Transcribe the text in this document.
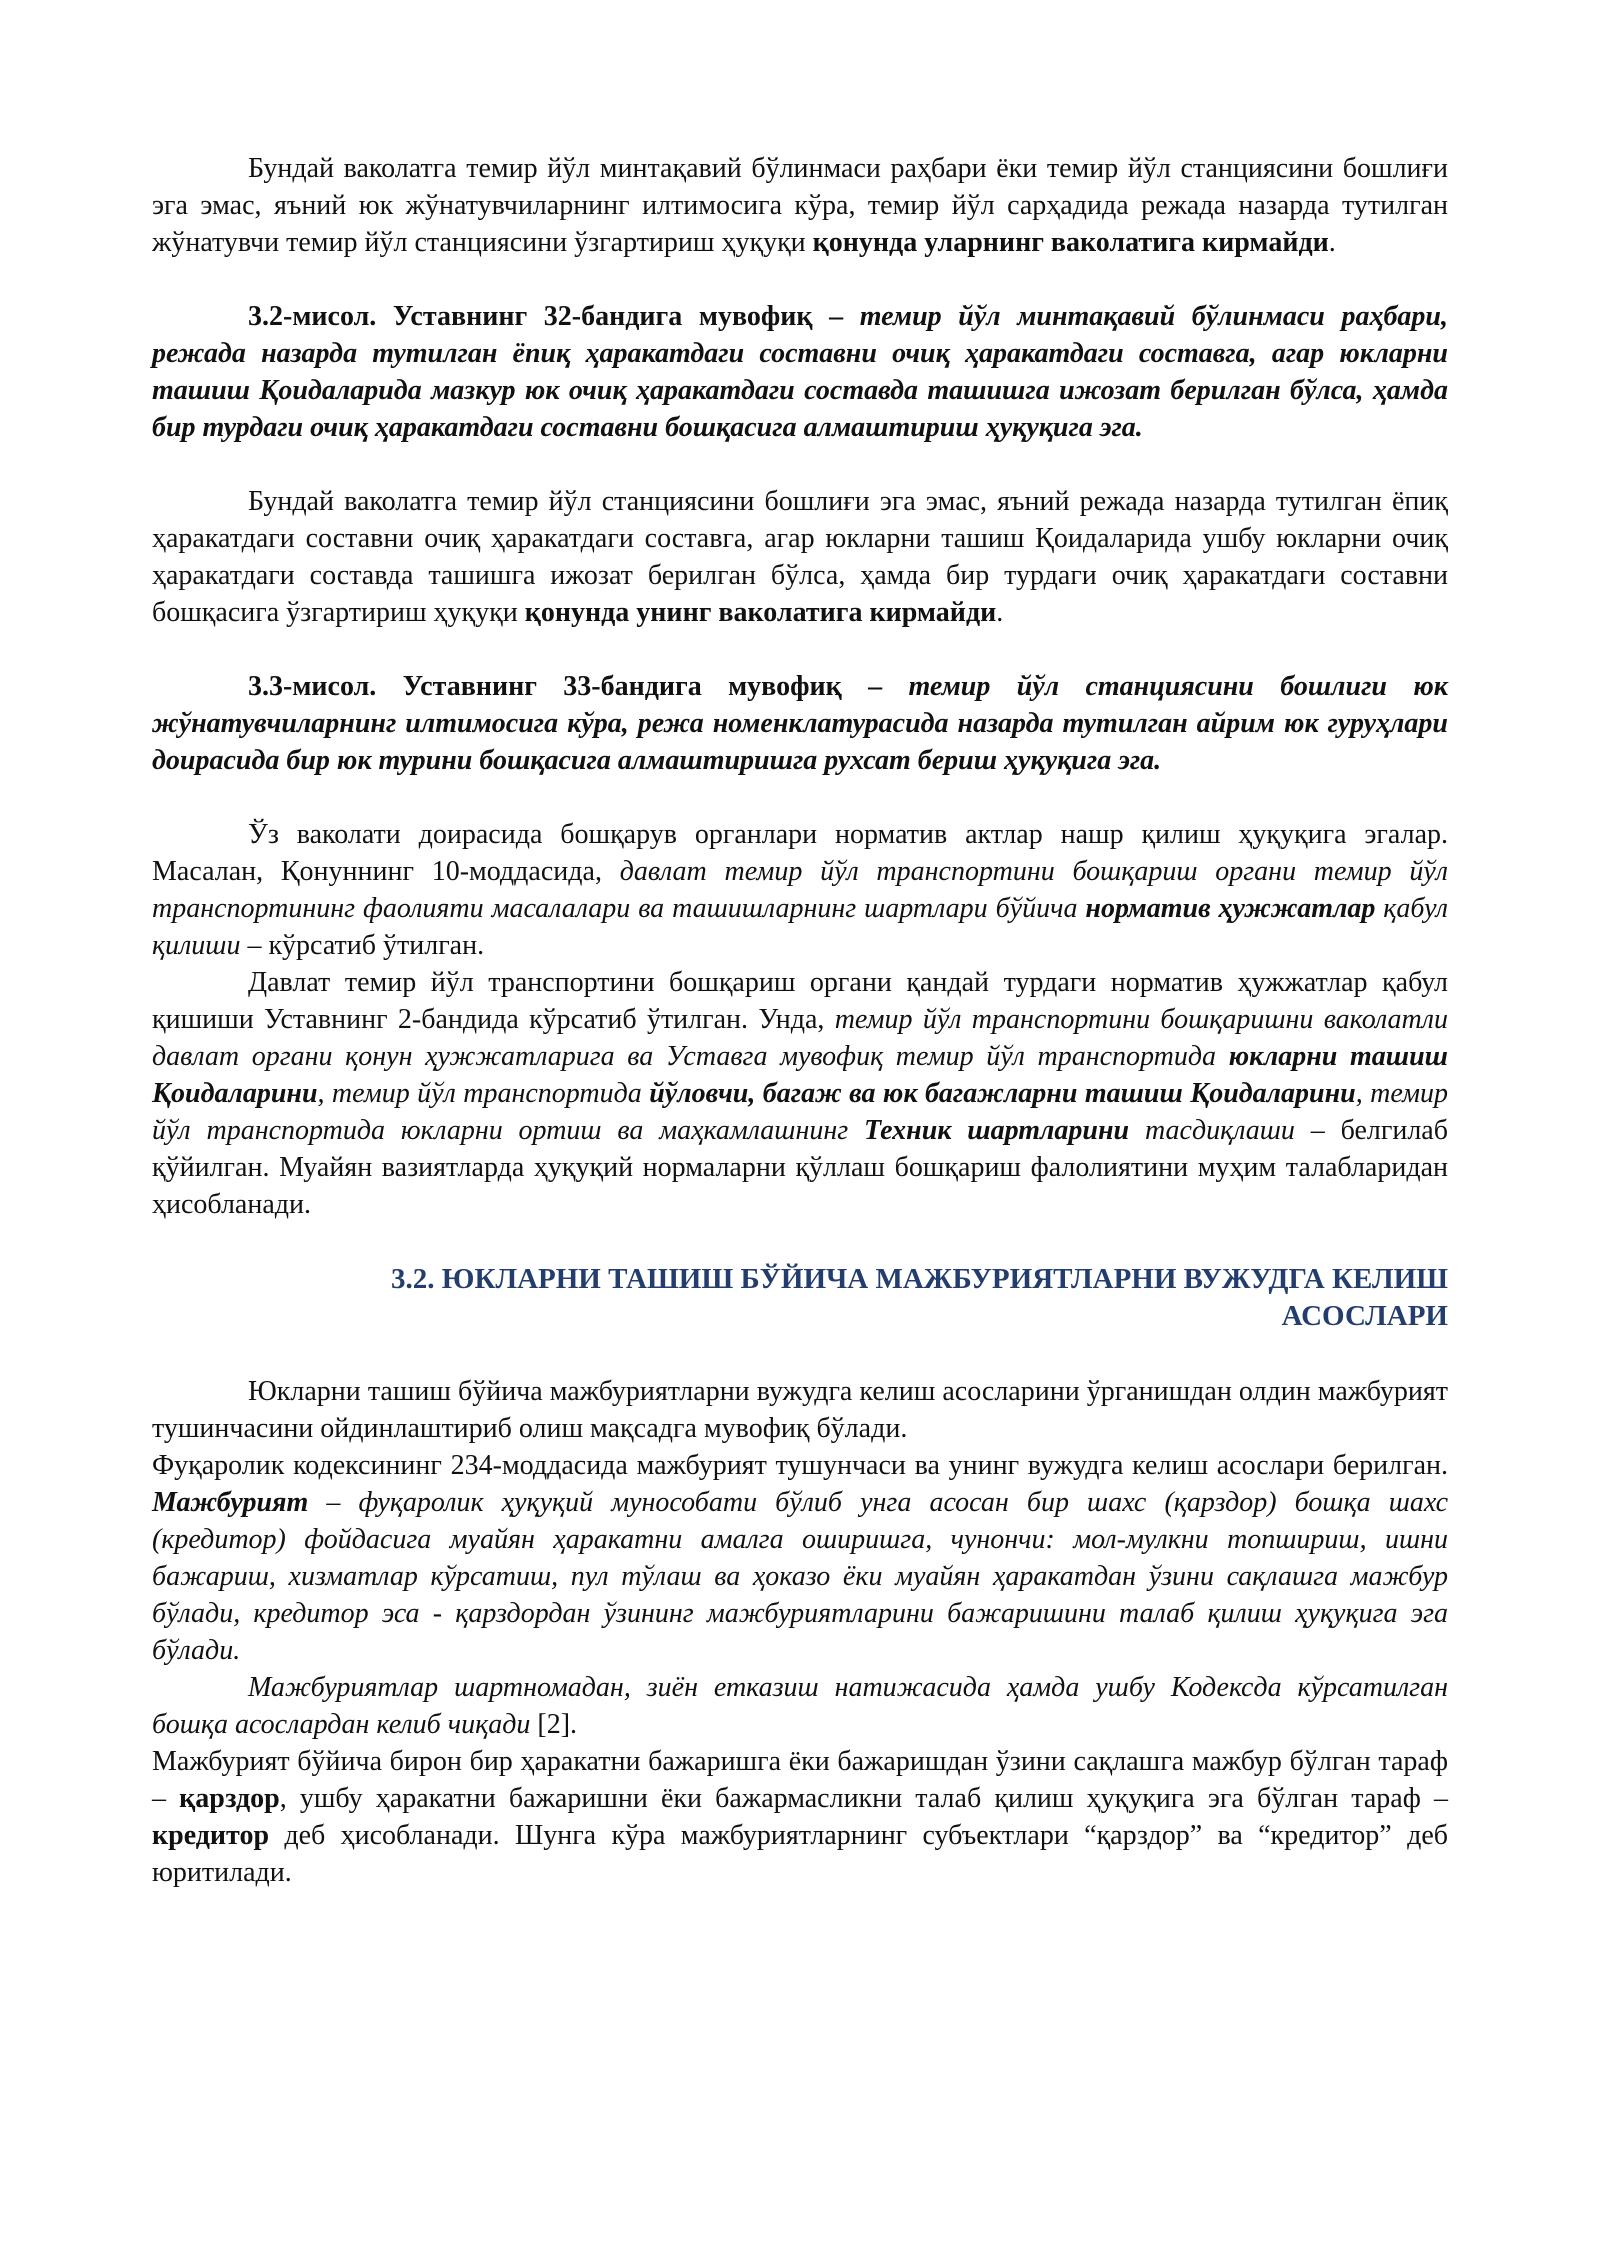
Бундай ваколатга темир йўл минтақавий бўлинмаси раҳбари ёки темир йўл станциясини бошлиғи эга эмас, яъний юк жўнатувчиларнинг илтимосига кўра, темир йўл сарҳадида режада назарда тутилган жўнатувчи темир йўл станциясини ўзгартириш ҳуқуқи қонунда уларнинг ваколатига кирмайди.

3.2-мисол. Уставнинг 32-бандига мувофиқ – темир йўл минтақавий бўлинмаси раҳбари, режада назарда тутилган ёпиқ ҳаракатдаги составни очиқ ҳаракатдаги составга, агар юкларни ташиш Қоидаларида мазкур юк очиқ ҳаракатдаги составда ташишга ижозат берилган бўлса, ҳамда бир турдаги очиқ ҳаракатдаги составни бошқасига алмаштириш ҳуқуқига эга.

Бундай ваколатга темир йўл станциясини бошлиғи эга эмас, яъний режада назарда тутилган ёпиқ ҳаракатдаги составни очиқ ҳаракатдаги составга, агар юкларни ташиш Қоидаларида ушбу юкларни очиқ ҳаракатдаги составда ташишга ижозат берилган бўлса, ҳамда бир турдаги очиқ ҳаракатдаги составни бошқасига ўзгартириш ҳуқуқи қонунда унинг ваколатига кирмайди.

3.3-мисол. Уставнинг 33-бандига мувофиқ – темир йўл станциясини бошлиги юк жўнатувчиларнинг илтимосига кўра, режа номенклатурасида назарда тутилган айрим юк гуруҳлари доирасида бир юк турини бошқасига алмаштиришга рухсат бериш ҳуқуқига эга.

Ўз ваколати доирасида бошқарув органлари норматив актлар нашр қилиш ҳуқуқига эгалар. Масалан, Қонуннинг 10-моддасида, давлат темир йўл транспортини бошқариш органи темир йўл транспортининг фаолияти масалалари ва ташишларнинг шартлари бўйича норматив ҳужжатлар қабул қилиши – кўрсатиб ўтилган.

Давлат темир йўл транспортини бошқариш органи қандай турдаги норматив ҳужжатлар қабул қишиши Уставнинг 2-бандида кўрсатиб ўтилган. Унда, темир йўл транспортини бошқаришни ваколатли давлат органи қонун ҳужжатларига ва Уставга мувофиқ темир йўл транспортида юкларни ташиш Қоидаларини, темир йўл транспортида йўловчи, багаж ва юк багажларни ташиш Қоидаларини, темир йўл транспортида юкларни ортиш ва маҳкамлашнинг Техник шартларини тасдиқлаши – белгилаб қўйилган. Муайян вазиятларда ҳуқуқий нормаларни қўллаш бошқариш фалолиятини муҳим талабларидан ҳисобланади.

3.2. ЮКЛАРНИ ТАШИШ БЎЙИЧА МАЖБУРИЯТЛАРНИ ВУЖУДГА КЕЛИШ АСОСЛАРИ

Юкларни ташиш бўйича мажбуриятларни вужудга келиш асосларини ўрганишдан олдин мажбурият тушинчасини ойдинлаштириб олиш мақсадга мувофиқ бўлади.

Фуқаролик кодексининг 234-моддасида мажбурият тушунчаси ва унинг вужудга келиш асослари берилган. Мажбурият – фуқаролик ҳуқуқий мунособати бўлиб унга асосан бир шахс (қарздор) бошқа шахс (кредитор) фойдасига муайян ҳаракатни амалга оширишга, чунончи: мол-мулкни топшириш, ишни бажариш, хизматлар кўрсатиш, пул тўлаш ва ҳоказо ёки муайян ҳаракатдан ўзини сақлашга мажбур бўлади, кредитор эса - қарздордан ўзининг мажбуриятларини бажаришини талаб қилиш ҳуқуқига эга бўлади.

Мажбуриятлар шартномадан, зиён етказиш натижасида ҳамда ушбу Кодексда кўрсатилган бошқа асослардан келиб чиқади [2].

Мажбурият бўйича бирон бир ҳаракатни бажаришга ёки бажаришдан ўзини сақлашга мажбур бўлган тараф – қарздор, ушбу ҳаракатни бажаришни ёки бажармасликни талаб қилиш ҳуқуқига эга бўлган тараф – кредитор деб ҳисобланади. Шунга кўра мажбуриятларнинг субъектлари “қарздор” ва “кредитор” деб юритилади.
